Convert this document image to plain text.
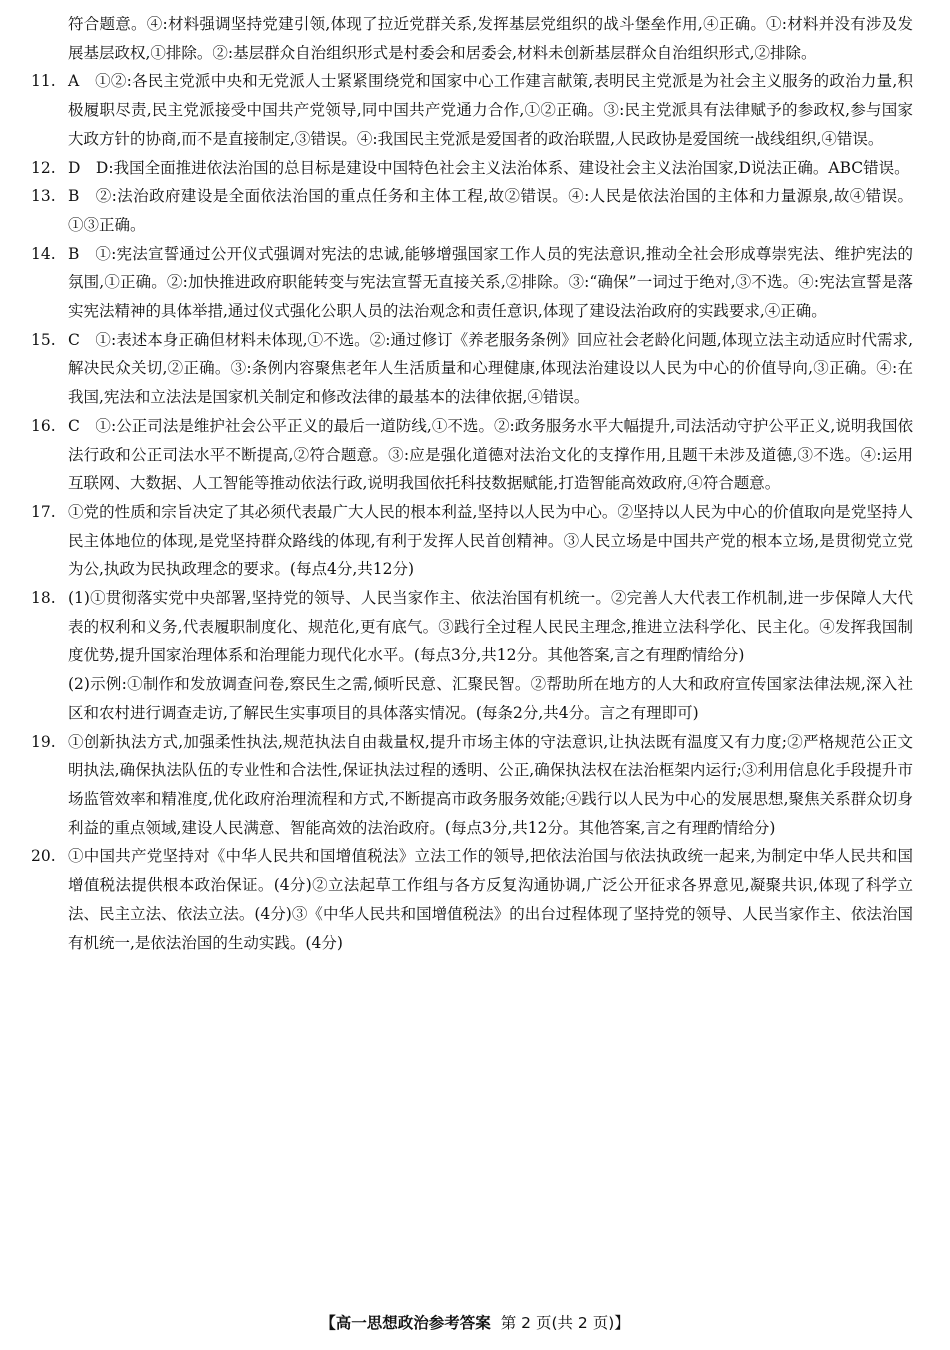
符合题意。④:材料强调坚持党建引领,体现了拉近党群关系,发挥基层党组织的战斗堡垒作用,④正确。①:材料并没有涉及发展基层政权,①排除。②:基层群众自治组织形式是村委会和居委会,材料未创新基层群众自治组织形式,②排除。
11. A　①②:各民主党派中央和无党派人士紧紧围绕党和国家中心工作建言献策,表明民主党派是为社会主义服务的政治力量,积极履职尽责,民主党派接受中国共产党领导,同中国共产党通力合作,①②正确。③:民主党派具有法律赋予的参政权,参与国家大政方针的协商,而不是直接制定,③错误。④:我国民主党派是爱国者的政治联盟,人民政协是爱国统一战线组织,④错误。
12. D　D:我国全面推进依法治国的总目标是建设中国特色社会主义法治体系、建设社会主义法治国家,D说法正确。ABC错误。
13. B　②:法治政府建设是全面依法治国的重点任务和主体工程,故②错误。④:人民是依法治国的主体和力量源泉,故④错误。①③正确。
14. B　①:宪法宣誓通过公开仪式强调对宪法的忠诚,能够增强国家工作人员的宪法意识,推动全社会形成尊崇宪法、维护宪法的氛围,①正确。②:加快推进政府职能转变与宪法宣誓无直接关系,②排除。③:“确保”一词过于绝对,③不选。④:宪法宣誓是落实宪法精神的具体举措,通过仪式强化公职人员的法治观念和责任意识,体现了建设法治政府的实践要求,④正确。
15. C　①:表述本身正确但材料未体现,①不选。②:通过修订《养老服务条例》回应社会老龄化问题,体现立法主动适应时代需求,解决民众关切,②正确。③:条例内容聚焦老年人生活质量和心理健康,体现法治建设以人民为中心的价值导向,③正确。④:在我国,宪法和立法法是国家机关制定和修改法律的最基本的法律依据,④错误。
16. C　①:公正司法是维护社会公平正义的最后一道防线,①不选。②:政务服务水平大幅提升,司法活动守护公平正义,说明我国依法行政和公正司法水平不断提高,②符合题意。③:应是强化道德对法治文化的支撑作用,且题干未涉及道德,③不选。④:运用互联网、大数据、人工智能等推动依法行政,说明我国依托科技数据赋能,打造智能高效政府,④符合题意。
17. ①党的性质和宗旨决定了其必须代表最广大人民的根本利益,坚持以人民为中心。②坚持以人民为中心的价值取向是党坚持人民主体地位的体现,是党坚持群众路线的体现,有利于发挥人民首创精神。③人民立场是中国共产党的根本立场,是贯彻党立党为公,执政为民执政理念的要求。(每点4分,共12分)
18. (1)①贯彻落实党中央部署,坚持党的领导、人民当家作主、依法治国有机统一。②完善人大代表工作机制,进一步保障人大代表的权利和义务,代表履职制度化、规范化,更有底气。③践行全过程人民民主理念,推进立法科学化、民主化。④发挥我国制度优势,提升国家治理体系和治理能力现代化水平。(每点3分,共12分。其他答案,言之有理酌情给分)
(2)示例:①制作和发放调查问卷,察民生之需,倾听民意、汇聚民智。②帮助所在地方的人大和政府宣传国家法律法规,深入社区和农村进行调查走访,了解民生实事项目的具体落实情况。(每条2分,共4分。言之有理即可)
19. ①创新执法方式,加强柔性执法,规范执法自由裁量权,提升市场主体的守法意识,让执法既有温度又有力度;②严格规范公正文明执法,确保执法队伍的专业性和合法性,保证执法过程的透明、公正,确保执法权在法治框架内运行;③利用信息化手段提升市场监管效率和精准度,优化政府治理流程和方式,不断提高市政务服务效能;④践行以人民为中心的发展思想,聚焦关系群众切身利益的重点领域,建设人民满意、智能高效的法治政府。(每点3分,共12分。其他答案,言之有理酌情给分)
20. ①中国共产党坚持对《中华人民共和国增值税法》立法工作的领导,把依法治国与依法执政统一起来,为制定中华人民共和国增值税法提供根本政治保证。(4分)②立法起草工作组与各方反复沟通协调,广泛公开征求各界意见,凝聚共识,体现了科学立法、民主立法、依法立法。(4分)③《中华人民共和国增值税法》的出台过程体现了坚持党的领导、人民当家作主、依法治国有机统一,是依法治国的生动实践。(4分)
【高一思想政治参考答案 第 2 页(共 2 页)】
